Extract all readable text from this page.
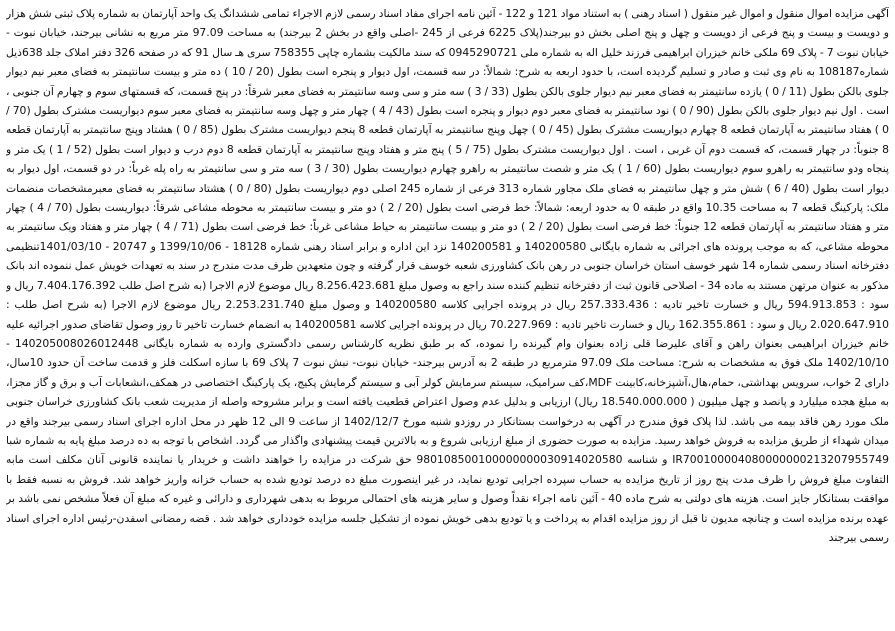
آگهی مزایده اموال منقول و اموال غیر منقول ( اسناد رهنی ) به استناد مواد 121 و 122 - آئین نامه اجرای مفاد اسناد رسمی لازم الاجراء تمامی ششدانگ یک واحد آپارتمان به شماره پلاک ثبتی شش هزار و دویست و بیست و پنج فرعی از دویست و چهل و پنج اصلی بخش دو بیرجند(پلاک 6225 فرعی از 245 -اصلی واقع در بخش 2 بیرجند) به مساحت 97.09 متر مربع به نشانی بیرجند، خیابان نبوت - خیابان نبوت 7 - پلاک 69 ملکی خانم خیزران ابراهیمی فرزند خلیل اله به شماره ملی 0945290721 که سند مالکیت بشماره چاپی 758355 سری هـ سال 91 که در صفحه 326 دفتر املاک جلد 638ذیل شماره108187 به نام وی ثبت و صادر و تسلیم گردیده است، با حدود اربعه به شرح: شمالاً: در سه قسمت، اول دیوار و پنجره است بطول (20 / 10 ) ده متر و بیست سانتیمتر به فضای معبر نیم دیوار جلوی بالکن بطول (11 / 0 ) یازده سانتیمتر به فضای معبر نیم دیوار جلوی بالکن بطول (33 / 3 ) سه متر و سی وسه سانتیمتر به فضای معبر شرقاً: در پنج قسمت، که قسمتهای سوم و چهارم آن جنوبی ، است . اول نیم دیوار جلوی بالکن بطول (90 / 0 ) نود سانتیمتر به فضای معبر دوم دیوار و پنجره است بطول (43 / 4 ) چهار متر و چهل وسه سانتیمتر به فضای معبر سوم دیواریست مشترک بطول (70 / 0 ) هفتاد سانتیمتر به آپارتمان قطعه 8 چهارم دیواریست مشترک بطول (45 / 0 ) چهل وپنج سانتیمتر به آپارتمان قطعه 8 پنجم دیواریست مشترک بطول (85 / 0 ) هشتاد وپنج سانتیمتر به آپارتمان قطعه 8 جنوباً: در چهار قسمت، که قسمت دوم آن غربی ، است . اول دیواریست مشترک بطول (75 / 5 ) پنج متر و هفتاد وپنج سانتیمتر به آپارتمان قطعه 8 دوم درب و دیوار است بطول (52 / 1 ) یک متر و پنجاه ودو سانتیمتر به راهرو سوم دیواریست بطول (60 / 1 ) یک متر و شصت سانتیمتر به راهرو چهارم دیواریست بطول (30 / 3 ) سه متر و سی سانتیمتر به راه پله غرباً: در دو قسمت، اول دیوار به دیوار است بطول (40 / 6 ) شش متر و چهل سانتیمتر به فضای ملک مجاور شماره 313 فرعی از شماره 245 اصلی دوم دیواریست بطول (80 / 0 ) هشتاد سانتیمتر به فضای معبرمشخصات منضمات ملک: پارکینگ قطعه 7 به مساحت 10.35 واقع در طبقه 0 به حدود اربعه: شمالاً: خط فرضی است بطول (20 / 2 ) دو متر و بیست سانتیمتر به محوطه مشاعی شرقاً: دیواریست بطول (70 / 4 ) چهار متر و هفتاد سانتیمتر به آپارتمان قطعه 12 جنوباً: خط فرضی است بطول (20 / 2 ) دو متر و بیست سانتیمتر به حیاط مشاعی غرباً: خط فرضی است بطول (71 / 4 ) چهار متر و هفتاد ویک سانتیمتر به محوطه مشاعی، که به موجب پرونده های اجرائی به شماره بایگانی 140200580 و 140200581 نزد این اداره و برابر اسناد رهنی شماره 18128 - 1399/10/06 و 20747 - 1401/03/10تنظیمی دفترخانه اسناد رسمی شماره 14 شهر خوسف استان خراسان جنوبی در رهن بانک کشاورزی شعبه خوسف قرار گرفته و چون متعهدین ظرف مدت مندرج در سند به تعهدات خویش عمل ننموده اند بانک مذکور به عنوان مرتهن مستند به ماده 34 - اصلاحی قانون ثبت از دفترخانه تنظیم کننده سند راجع به وصول مبلغ 8.256.423.681 ریال موضوع لازم الاجرا (به شرح اصل طلب 7.404.176.392 ریال و سود : 594.913.853 ریال و خسارت تاخیر تادیه : 257.333.436 ریال در پرونده اجرایی کلاسه 140200580 و وصول مبلغ 2.253.231.740 ریال موضوع لازم الاجرا (به شرح اصل طلب : 2.020.647.910 ریال و سود : 162.355.861 ریال و خسارت تاخیر تادیه : 70.227.969 ریال در پرونده اجرایی کلاسه 140200581 به انضمام خسارت تاخیر تا روز وصول تقاضای صدور اجرائیه علیه خانم خیزران ابراهیمی بعنوان راهن و آقای علیرضا قلی زاده بعنوان وام گیرنده را نموده، که بر طبق نظریه کارشناس رسمی دادگستری وارده به شماره بایگانی 140205008026012448 - 1402/10/10 ملک فوق به مشخصات به شرح: مساحت ملک 97.09 مترمربع در طبقه 2 به آدرس بیرجند- خیابان نبوت- نبش نبوت 7 پلاک 69 با سازه اسکلت فلز و قدمت ساخت آن حدود 10سال، دارای 2 خواب، سرویس بهداشتی، حمام،هال،آشپزخانه،کابینت MDF،کف سرامیک، سیستم سرمایش کولر آبی و سیستم گرمایش پکیج، یک پارکینگ اختصاصی در همکف،انشعابات آب و برق و گاز مجزا، به مبلغ هجده میلیارد و پانصد و چهل میلیون ( 18.540.000.000 ریال) ارزیابی و بدلیل عدم وصول اعتراض قطعیت یافته است و برابر مشروحه واصله از مدیریت شعب بانک کشاورزی خراسان جنوبی ملک مورد رهن فاقد بیمه می باشد. لذا پلاک فوق مندرج در آگهی به درخواست بستانکار در روزدو شنبه مورخ 1402/12/7 از ساعت 9 الی 12 ظهر در محل اداره اجرای اسناد رسمی بیرجند واقع در میدان شهداء از طریق مزایده به فروش خواهد رسید. مزایده به صورت حضوری از مبلغ ارزیابی شروع و به بالاترین قیمت پیشنهادی واگذار می گردد. اشخاص با توجه به ده درصد مبلغ پایه به شماره شبا IR700100004080000000213207955749 و شناسه 980108500100000000030914020580 حق شرکت در مزایده را خواهند داشت و خریدار یا نماینده قانونی آنان مکلف است مابه التفاوت مبلغ فروش را ظرف مدت پنج روز از تاریخ مزایده به حساب سپرده اجرایی تودیع نماید، در غیر اینصورت مبلغ ده درصد تودیع شده به حساب خزانه واریز خواهد شد. فروش به نسبه فقط با موافقت بستانکار جایز است. هزینه های دولتی به شرح ماده 40 - آئین نامه اجراء نقداً وصول و سایر هزینه های احتمالی مربوط به بدهی شهرداری و دارائی و غیره که مبلغ آن فعلاً مشخص نمی باشد بر عهده برنده مزایده است و چنانچه مدیون تا قبل از روز مزایده اقدام به پرداخت و یا تودیع بدهی خویش نموده از تشکیل جلسه مزایده خودداری خواهد شد . قضه رمضانی اسفدن-رئیس اداره اجرای اسناد رسمی بیرجند
